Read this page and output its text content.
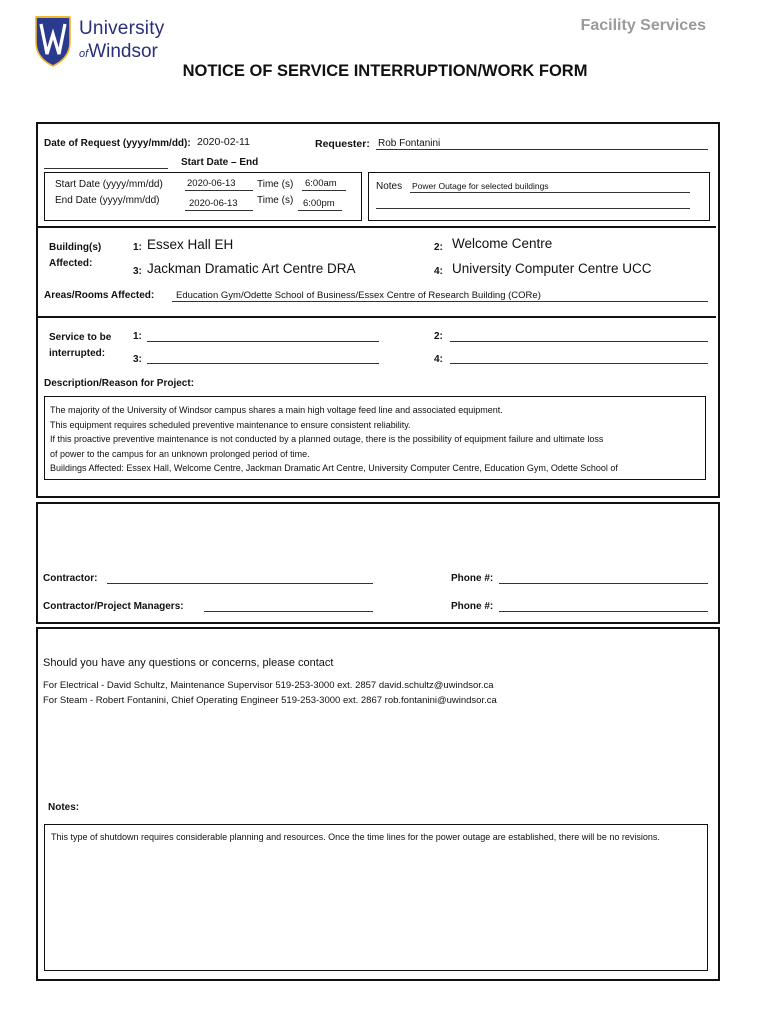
University
ofWindsor
Facility Services
NOTICE OF SERVICE INTERRUPTION/WORK FORM
Date of Request (yyyy/mm/dd): 2020-02-11	Requester: Rob Fontanini
Start Date – End
Start Date (yyyy/mm/dd)	2020-06-13 Time (s) 6:00am
End Date (yyyy/mm/dd)	2020-06-13 Time (s) 6:00pm
Notes Power Outage for selected buildings
Building(s)
Affected:
1: Essex Hall EH	2: Welcome Centre
3: Jackman Dramatic Art Centre DRA	4: University Computer Centre UCC
Areas/Rooms Affected: Education Gym/Odette School of Business/Essex Centre of Research Building (CORe)
Service to be
interrupted:
1:	2:
3:	4:
Description/Reason for Project:
The majority of the University of Windsor campus shares a main high voltage feed line and associated equipment.
This equipment requires scheduled preventive maintenance to ensure consistent reliability.
If this proactive preventive maintenance is not conducted by a planned outage, there is the possibility of equipment failure and ultimate loss
of power to the campus for an unknown prolonged period of time.
Buildings Affected: Essex Hall, Welcome Centre, Jackman Dramatic Art Centre, University Computer Centre, Education Gym, Odette School of
Contractor:	Phone #:
Contractor/Project Managers:	Phone #:
Should you have any questions or concerns, please contact
For Electrical - David Schultz, Maintenance Supervisor 519-253-3000 ext. 2857 david.schultz@uwindsor.ca
For Steam - Robert Fontanini, Chief Operating Engineer 519-253-3000 ext. 2867 rob.fontanini@uwindsor.ca
Notes:
This type of shutdown requires considerable planning and resources. Once the time lines for the power outage are established, there will be no revisions.
